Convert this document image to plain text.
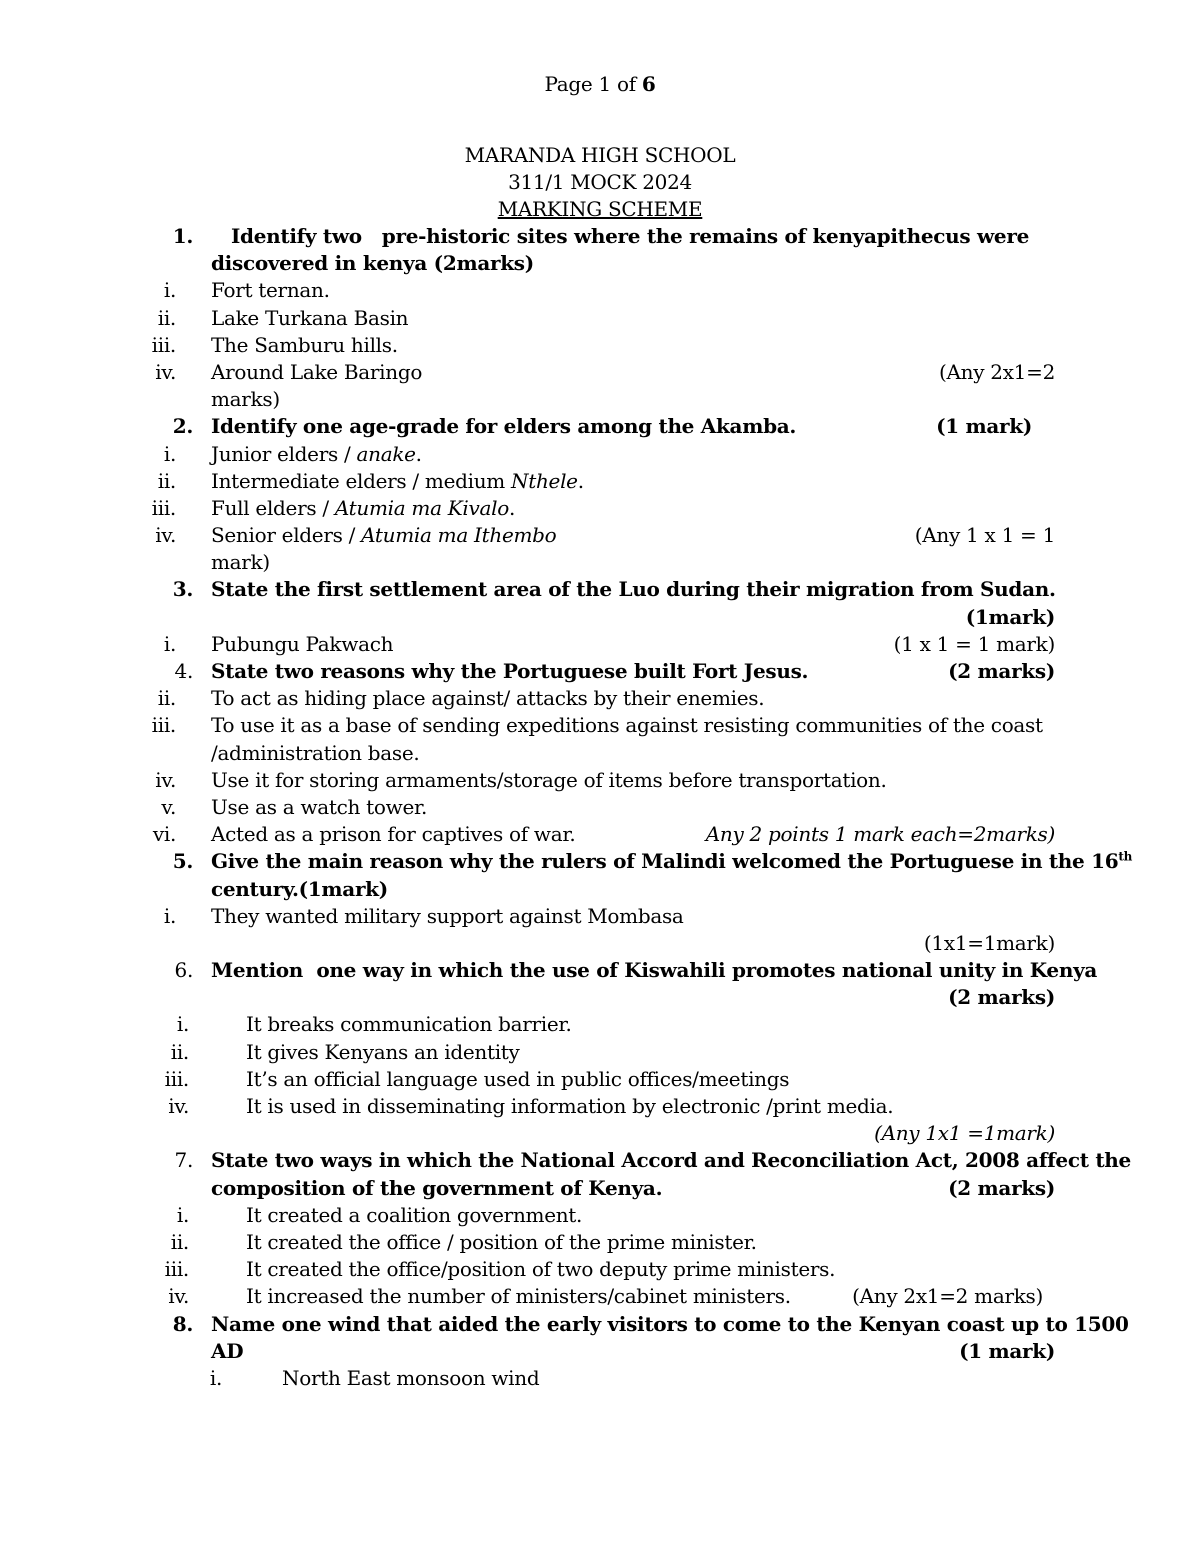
Page 1 of 6
MARANDA HIGH SCHOOL
311/1 MOCK 2024
MARKING SCHEME
1. Identify two   pre-historic sites where the remains of kenyapithecus were
discovered in kenya (2marks)
i. Fort ternan.
ii. Lake Turkana Basin
iii. The Samburu hills.
iv. Around Lake Baringo	(Any 2x1=2
marks)
2. Identify one age-grade for elders among the Akamba.	(1 mark)
i. Junior elders / anake.
ii. Intermediate elders / medium Nthele.
iii. Full elders / Atumia ma Kivalo.
iv. Senior elders / Atumia ma Ithembo	(Any 1 x 1 = 1
mark)
3. State the first settlement area of the Luo during their migration from Sudan.
(1mark)
i. Pubungu Pakwach	(1 x 1 = 1 mark)
4. State two reasons why the Portuguese built Fort Jesus.	(2 marks)
ii. To act as hiding place against/ attacks by their enemies.
iii. To use it as a base of sending expeditions against resisting communities of the coast
/administration base.
iv. Use it for storing armaments/storage of items before transportation.
v. Use as a watch tower.
vi. Acted as a prison for captives of war.	Any 2 points 1 mark each=2marks)
5. Give the main reason why the rulers of Malindi welcomed the Portuguese in the 16th
century.(1mark)
i. They wanted military support against Mombasa
(1x1=1mark)
6. Mention  one way in which the use of Kiswahili promotes national unity in Kenya
(2 marks)
i.	It breaks communication barrier.
ii.	It gives Kenyans an identity
iii.	It’s an official language used in public offices/meetings
iv.	It is used in disseminating information by electronic /print media.
(Any 1x1 =1mark)
7. State two ways in which the National Accord and Reconciliation Act, 2008 affect the
composition of the government of Kenya.	(2 marks)
i.	It created a coalition government.
ii.	It created the office / position of the prime minister.
iii.	It created the office/position of two deputy prime ministers.
iv.	It increased the number of ministers/cabinet ministers.	(Any 2x1=2 marks)
8. Name one wind that aided the early visitors to come to the Kenyan coast up to 1500
AD	(1 mark)
i.	North East monsoon wind
